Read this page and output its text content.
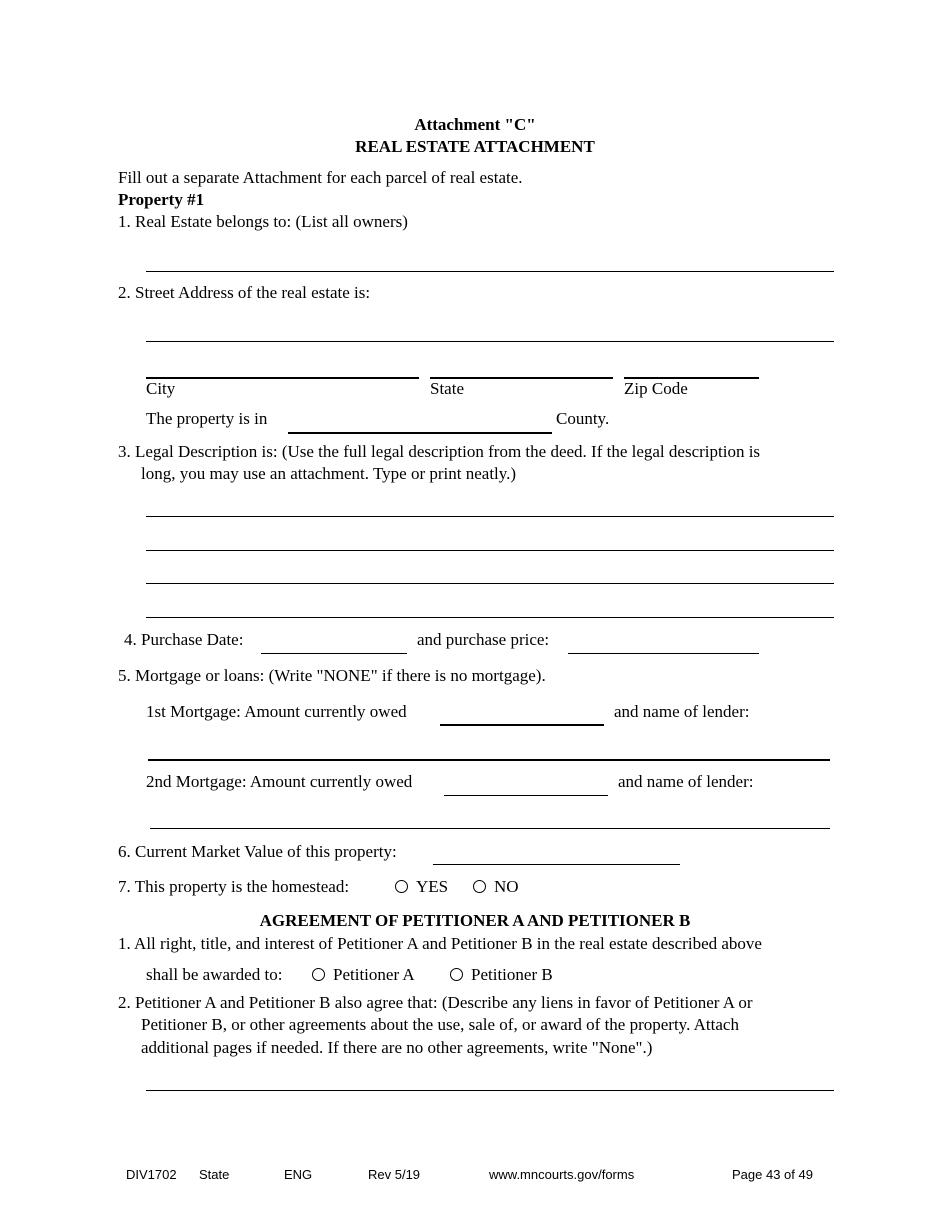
Attachment "C"
REAL ESTATE ATTACHMENT
Fill out a separate Attachment for each parcel of real estate.
Property #1
1. Real Estate belongs to: (List all owners)
2. Street Address of the real estate is:
City	State	Zip Code
The property is in	County.
3. Legal Description is: (Use the full legal description from the deed. If the legal description is
long, you may use an attachment. Type or print neatly.)
4. Purchase Date:	and purchase price:
5. Mortgage or loans: (Write "NONE" if there is no mortgage).
1st Mortgage: Amount currently owed	and name of lender:
2nd Mortgage: Amount currently owed	and name of lender:
6. Current Market Value of this property:
7. This property is the homestead:	YES	NO
AGREEMENT OF PETITIONER A AND PETITIONER B
1. All right, title, and interest of Petitioner A and Petitioner B in the real estate described above
shall be awarded to:	Petitioner A	Petitioner B
2. Petitioner A and Petitioner B also agree that: (Describe any liens in favor of Petitioner A or
Petitioner B, or other agreements about the use, sale of, or award of the property. Attach
additional pages if needed. If there are no other agreements, write "None".)
DIV1702 State	ENG	Rev 5/19	www.mncourts.gov/forms	Page 43 of 49
